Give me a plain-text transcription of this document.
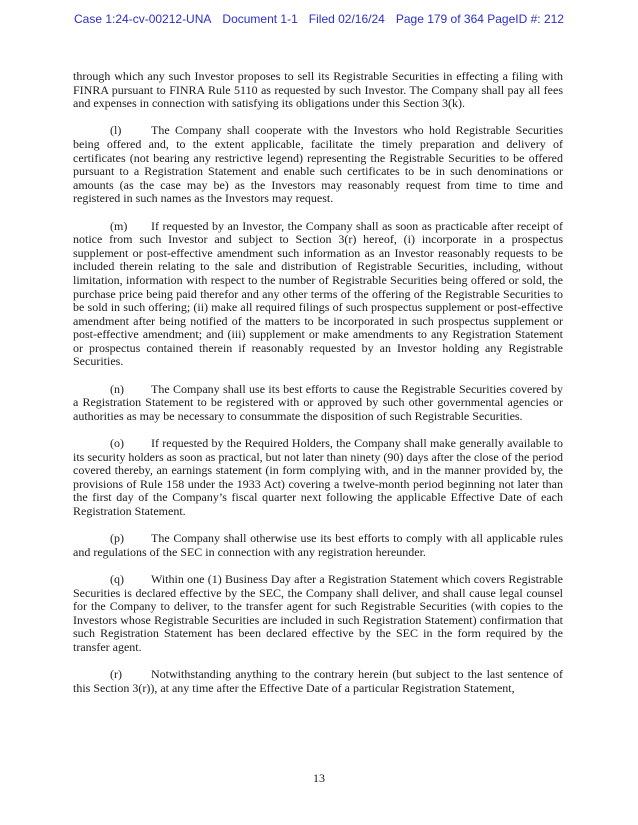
Case 1:24-cv-00212-UNA Document 1-1 Filed 02/16/24 Page 179 of 364 PageID #: 212

through which any such Investor proposes to sell its Registrable Securities in effecting a filing with FINRA pursuant to FINRA Rule 5110 as requested by such Investor. The Company shall pay all fees and expenses in connection with satisfying its obligations under this Section 3(k).

(l) The Company shall cooperate with the Investors who hold Registrable Securities being offered and, to the extent applicable, facilitate the timely preparation and delivery of certificates (not bearing any restrictive legend) representing the Registrable Securities to be offered pursuant to a Registration Statement and enable such certificates to be in such denominations or amounts (as the case may be) as the Investors may reasonably request from time to time and registered in such names as the Investors may request.

(m) If requested by an Investor, the Company shall as soon as practicable after receipt of notice from such Investor and subject to Section 3(r) hereof, (i) incorporate in a prospectus supplement or post-effective amendment such information as an Investor reasonably requests to be included therein relating to the sale and distribution of Registrable Securities, including, without limitation, information with respect to the number of Registrable Securities being offered or sold, the purchase price being paid therefor and any other terms of the offering of the Registrable Securities to be sold in such offering; (ii) make all required filings of such prospectus supplement or post-effective amendment after being notified of the matters to be incorporated in such prospectus supplement or post-effective amendment; and (iii) supplement or make amendments to any Registration Statement or prospectus contained therein if reasonably requested by an Investor holding any Registrable Securities.

(n) The Company shall use its best efforts to cause the Registrable Securities covered by a Registration Statement to be registered with or approved by such other governmental agencies or authorities as may be necessary to consummate the disposition of such Registrable Securities.

(o) If requested by the Required Holders, the Company shall make generally available to its security holders as soon as practical, but not later than ninety (90) days after the close of the period covered thereby, an earnings statement (in form complying with, and in the manner provided by, the provisions of Rule 158 under the 1933 Act) covering a twelve-month period beginning not later than the first day of the Company’s fiscal quarter next following the applicable Effective Date of each Registration Statement.

(p) The Company shall otherwise use its best efforts to comply with all applicable rules and regulations of the SEC in connection with any registration hereunder.

(q) Within one (1) Business Day after a Registration Statement which covers Registrable Securities is declared effective by the SEC, the Company shall deliver, and shall cause legal counsel for the Company to deliver, to the transfer agent for such Registrable Securities (with copies to the Investors whose Registrable Securities are included in such Registration Statement) confirmation that such Registration Statement has been declared effective by the SEC in the form required by the transfer agent.

(r) Notwithstanding anything to the contrary herein (but subject to the last sentence of this Section 3(r)), at any time after the Effective Date of a particular Registration Statement,

13
